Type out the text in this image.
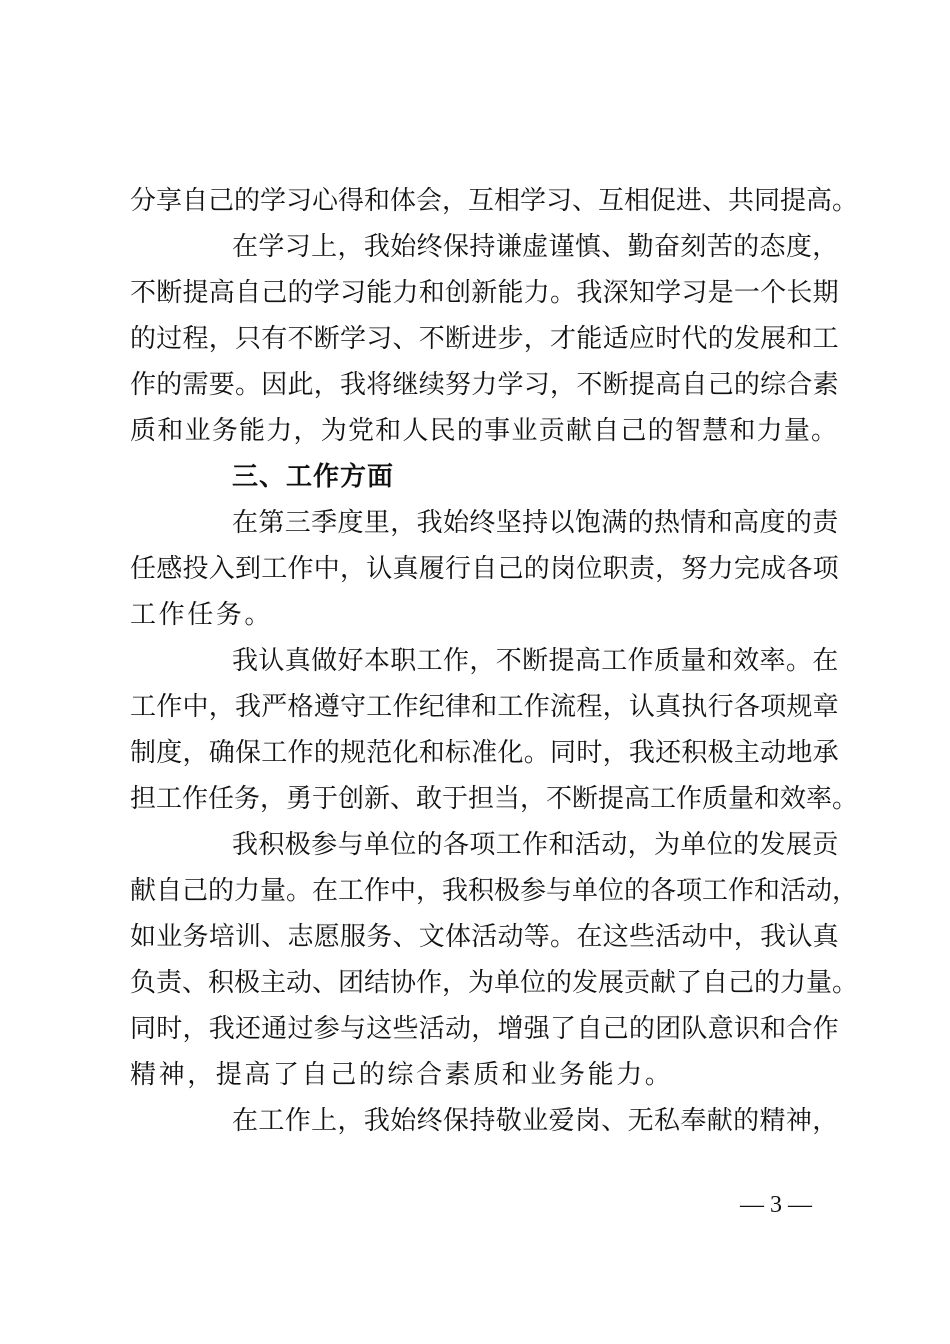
分享自己的学习心得和体会，互相学习、互相促进、共同提高。
在学习上，我始终保持谦虚谨慎、勤奋刻苦的态度，
不断提高自己的学习能力和创新能力。我深知学习是一个长期
的过程，只有不断学习、不断进步，才能适应时代的发展和工
作的需要。因此，我将继续努力学习，不断提高自己的综合素
质和业务能力，为党和人民的事业贡献自己的智慧和力量。
三、工作方面
在第三季度里，我始终坚持以饱满的热情和高度的责
任感投入到工作中，认真履行自己的岗位职责，努力完成各项
工作任务。
我认真做好本职工作，不断提高工作质量和效率。在
工作中，我严格遵守工作纪律和工作流程，认真执行各项规章
制度，确保工作的规范化和标准化。同时，我还积极主动地承
担工作任务，勇于创新、敢于担当，不断提高工作质量和效率。
我积极参与单位的各项工作和活动，为单位的发展贡
献自己的力量。在工作中，我积极参与单位的各项工作和活动，
如业务培训、志愿服务、文体活动等。在这些活动中，我认真
负责、积极主动、团结协作，为单位的发展贡献了自己的力量。
同时，我还通过参与这些活动，增强了自己的团队意识和合作
精神，提高了自己的综合素质和业务能力。
在工作上，我始终保持敬业爱岗、无私奉献的精神，
— 3 —
